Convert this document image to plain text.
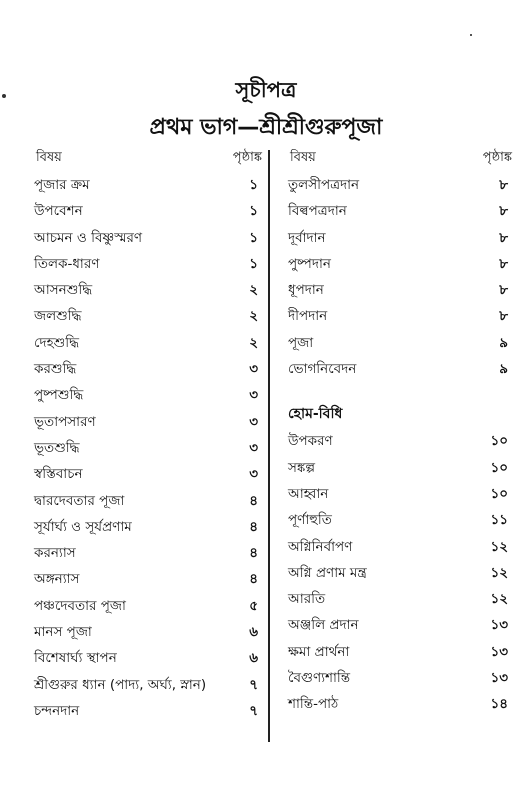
সূচীপত্র
প্রথম ভাগ—শ্রীশ্রীগুরুপূজা
বিষয়	পৃষ্ঠাঙ্ক
পূজার ক্রম	১
উপবেশন	১
আচমন ও বিষ্ণুস্মরণ	১
তিলক-ধারণ	১
আসনশুদ্ধি	২
জলশুদ্ধি	২
দেহশুদ্ধি	২
করশুদ্ধি	৩
পুষ্পশুদ্ধি	৩
ভূতাপসারণ	৩
ভূতশুদ্ধি	৩
স্বস্তিবাচন	৩
দ্বারদেবতার পূজা	৪
সূর্যার্ঘ্য ও সূর্যপ্রণাম	৪
করন্যাস	৪
অঙ্গন্যাস	৪
পঞ্চদেবতার পূজা	৫
মানস পূজা	৬
বিশেষার্ঘ্য স্থাপন	৬
শ্রীগুরুর ধ্যান (পাদ্য, অর্ঘ্য, স্নান)	৭
চন্দনদান	৭
বিষয়	পৃষ্ঠাঙ্ক
তুলসীপত্রদান	৮
বিল্বপত্রদান	৮
দূর্বাদান	৮
পুষ্পদান	৮
ধূপদান	৮
দীপদান	৮
পূজা	৯
ভোগনিবেদন	৯
হোম-বিধি
উপকরণ	১০
সঙ্কল্প	১০
আহ্বান	১০
পূর্ণাহুতি	১১
অগ্নিনির্বাপণ	১২
অগ্নি প্রণাম মন্ত্র	১২
আরতি	১২
অঞ্জলি প্রদান	১৩
ক্ষমা প্রার্থনা	১৩
বৈগুণ্যশান্তি	১৩
শান্তি-পাঠ	১৪
